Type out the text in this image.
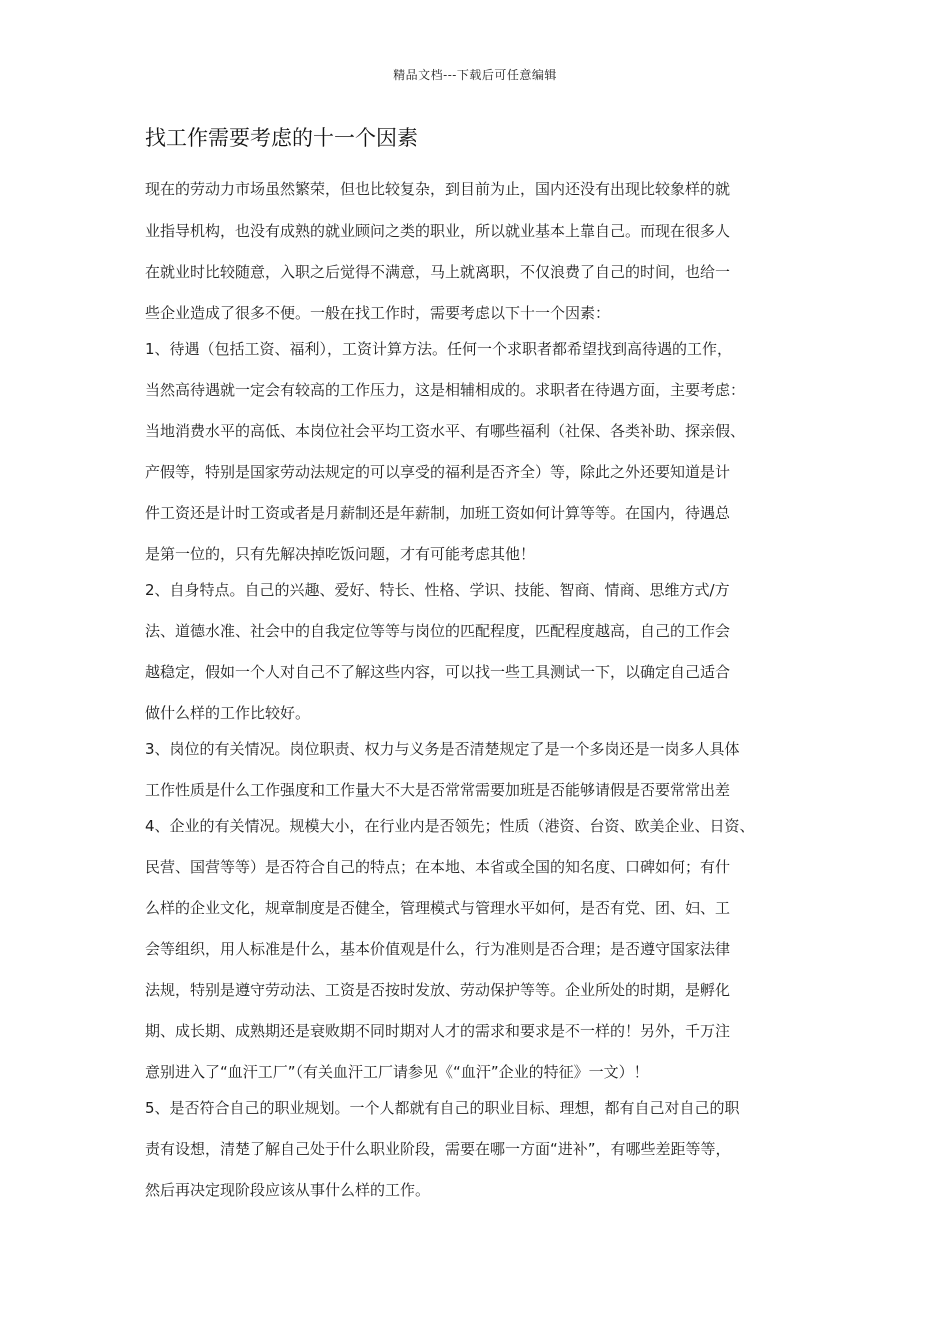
精品文档---下载后可任意编辑
找工作需要考虑的十一个因素
现在的劳动力市场虽然繁荣，但也比较复杂，到目前为止，国内还没有出现比较象样的就
业指导机构，也没有成熟的就业顾问之类的职业，所以就业基本上靠自己。而现在很多人
在就业时比较随意，入职之后觉得不满意，马上就离职，不仅浪费了自己的时间，也给一
些企业造成了很多不便。一般在找工作时，需要考虑以下十一个因素：
1、待遇（包括工资、福利），工资计算方法。任何一个求职者都希望找到高待遇的工作，
当然高待遇就一定会有较高的工作压力，这是相辅相成的。求职者在待遇方面，主要考虑：
当地消费水平的高低、本岗位社会平均工资水平、有哪些福利（社保、各类补助、探亲假、
产假等，特别是国家劳动法规定的可以享受的福利是否齐全）等，除此之外还要知道是计
件工资还是计时工资或者是月薪制还是年薪制，加班工资如何计算等等。在国内，待遇总
是第一位的，只有先解决掉吃饭问题，才有可能考虑其他！
2、自身特点。自己的兴趣、爱好、特长、性格、学识、技能、智商、情商、思维方式/方
法、道德水准、社会中的自我定位等等与岗位的匹配程度，匹配程度越高，自己的工作会
越稳定，假如一个人对自己不了解这些内容，可以找一些工具测试一下，以确定自己适合
做什么样的工作比较好。
3、岗位的有关情况。岗位职责、权力与义务是否清楚规定了是一个多岗还是一岗多人具体
工作性质是什么工作强度和工作量大不大是否常常需要加班是否能够请假是否要常常出差
4、企业的有关情况。规模大小，在行业内是否领先；性质（港资、台资、欧美企业、日资、
民营、国营等等）是否符合自己的特点；在本地、本省或全国的知名度、口碑如何；有什
么样的企业文化，规章制度是否健全，管理模式与管理水平如何，是否有党、团、妇、工
会等组织，用人标准是什么，基本价值观是什么，行为准则是否合理；是否遵守国家法律
法规，特别是遵守劳动法、工资是否按时发放、劳动保护等等。企业所处的时期，是孵化
期、成长期、成熟期还是衰败期不同时期对人才的需求和要求是不一样的！另外，千万注
意别进入了“血汗工厂”（有关血汗工厂请参见《“血汗”企业的特征》一文）！
5、是否符合自己的职业规划。一个人都就有自己的职业目标、理想，都有自己对自己的职
责有设想，清楚了解自己处于什么职业阶段，需要在哪一方面“进补”，有哪些差距等等，
然后再决定现阶段应该从事什么样的工作。
